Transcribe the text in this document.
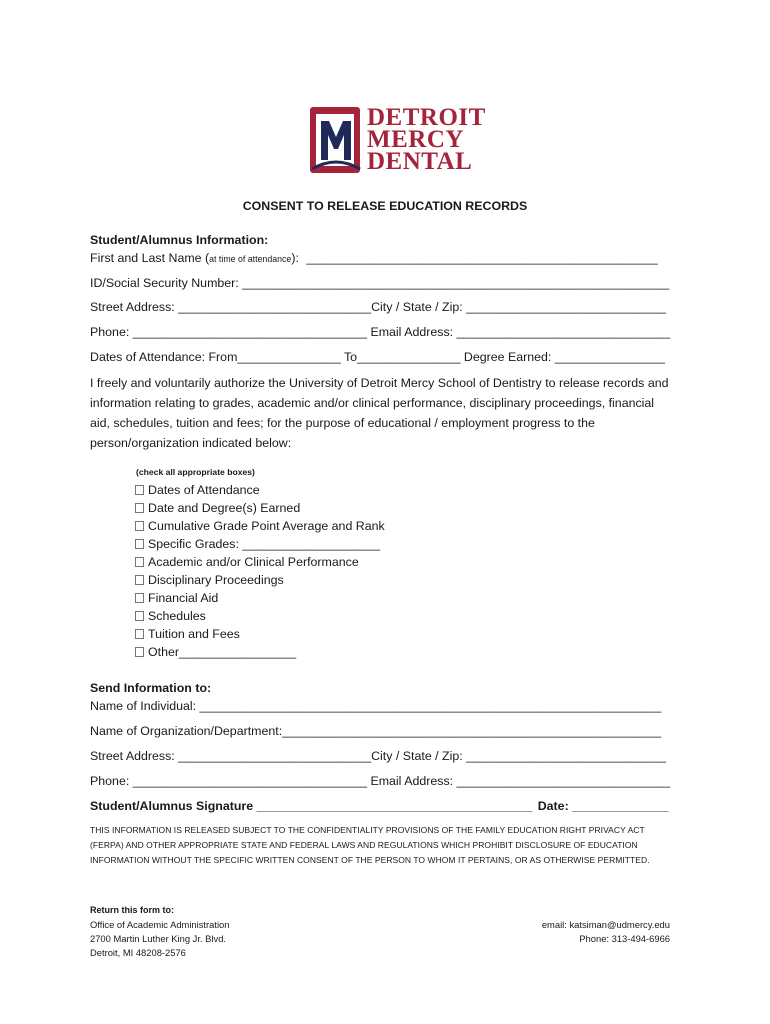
DETROIT
MERCY
DENTAL
CONSENT TO RELEASE EDUCATION RECORDS
Student/Alumnus Information:
First and Last Name (at time of attendance): ___________________________________________________
ID/Social Security Number: ______________________________________________________________
Street Address: ____________________________City / State / Zip: _____________________________
Phone: __________________________________ Email Address: _______________________________
Dates of Attendance: From_______________ To_______________ Degree Earned: ________________
I freely and voluntarily authorize the University of Detroit Mercy School of Dentistry to release records and information relating to grades, academic and/or clinical performance, disciplinary proceedings, financial aid, schedules, tuition and fees; for the purpose of educational / employment progress to the person/organization indicated below:
(check all appropriate boxes)
Dates of Attendance
Date and Degree(s) Earned
Cumulative Grade Point Average and Rank
Specific Grades: ____________________
Academic and/or Clinical Performance
Disciplinary Proceedings
Financial Aid
Schedules
Tuition and Fees
Other_________________
Send Information to:
Name of Individual: ___________________________________________________________________
Name of Organization/Department:_______________________________________________________
Street Address: ____________________________City / State / Zip: _____________________________
Phone: __________________________________ Email Address: _______________________________
Student/Alumnus Signature ________________________________________ Date: ______________
THIS INFORMATION IS RELEASED SUBJECT TO THE CONFIDENTIALITY PROVISIONS OF THE FAMILY EDUCATION RIGHT PRIVACY ACT (FERPA) AND OTHER APPROPRIATE STATE AND FEDERAL LAWS AND REGULATIONS WHICH PROHIBIT DISCLOSURE OF EDUCATION INFORMATION WITHOUT THE SPECIFIC WRITTEN CONSENT OF THE PERSON TO WHOM IT PERTAINS, OR AS OTHERWISE PERMITTED.
Return this form to:
Office of Academic Administration
2700 Martin Luther King Jr. Blvd.
Detroit, MI 48208-2576
email: katsiman@udmercy.edu
Phone: 313-494-6966
